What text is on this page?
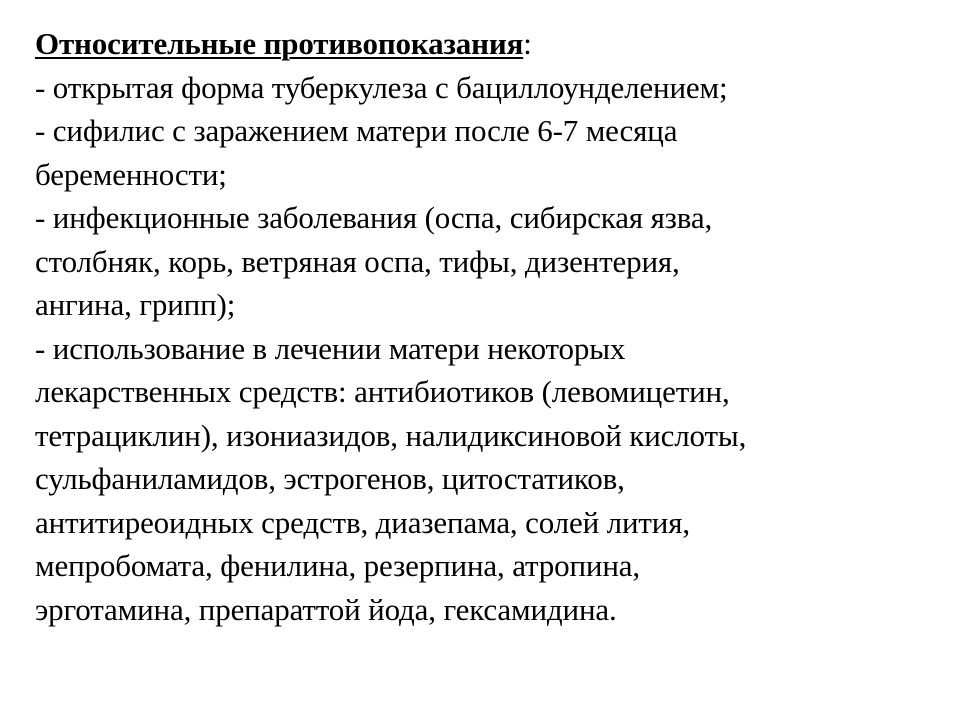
Относительные противопоказания:
- открытая форма туберкулеза с бациллоунделением;
- сифилис с заражением матери после 6-7 месяца
беременности;
- инфекционные заболевания (оспа, сибирская язва,
столбняк, корь, ветряная оспа, тифы, дизентерия,
ангина, грипп);
- использование в лечении матери некоторых
лекарственных средств: антибиотиков (левомицетин,
тетрациклин), изониазидов, налидиксиновой кислоты,
сульфаниламидов, эстрогенов, цитостатиков,
антитиреоидных средств, диазепама, солей лития,
мепробомата, фенилина, резерпина, атропина,
эрготамина, препараттой йода, гексамидина.
